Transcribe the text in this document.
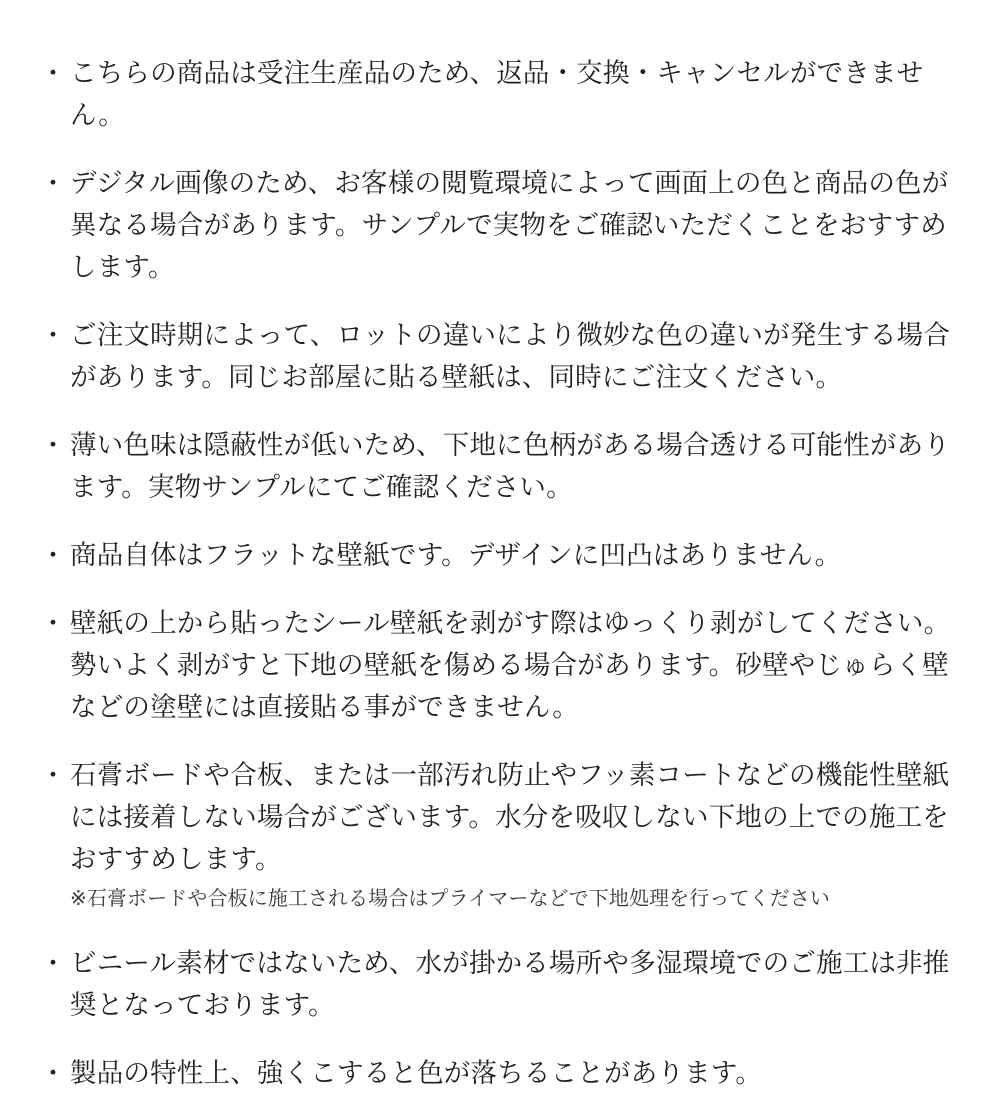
・ こちらの商品は受注生産品のため、返品・交換・キャンセルができません。
・ デジタル画像のため、お客様の閲覧環境によって画面上の色と商品の色が異なる場合があります。サンプルで実物をご確認いただくことをおすすめします。
・ ご注文時期によって、ロットの違いにより微妙な色の違いが発生する場合があります。同じお部屋に貼る壁紙は、同時にご注文ください。
・ 薄い色味は隠蔽性が低いため、下地に色柄がある場合透ける可能性があります。実物サンプルにてご確認ください。
・ 商品自体はフラットな壁紙です。デザインに凹凸はありません。
・ 壁紙の上から貼ったシール壁紙を剥がす際はゆっくり剥がしてください。勢いよく剥がすと下地の壁紙を傷める場合があります。砂壁やじゅらく壁などの塗壁には直接貼る事ができません。
・ 石膏ボードや合板、または一部汚れ防止やフッ素コートなどの機能性壁紙には接着しない場合がございます。水分を吸収しない下地の上での施工をおすすめします。
※石膏ボードや合板に施工される場合はプライマーなどで下地処理を行ってください
・ ビニール素材ではないため、水が掛かる場所や多湿環境でのご施工は非推奨となっております。
・ 製品の特性上、強くこすると色が落ちることがあります。
